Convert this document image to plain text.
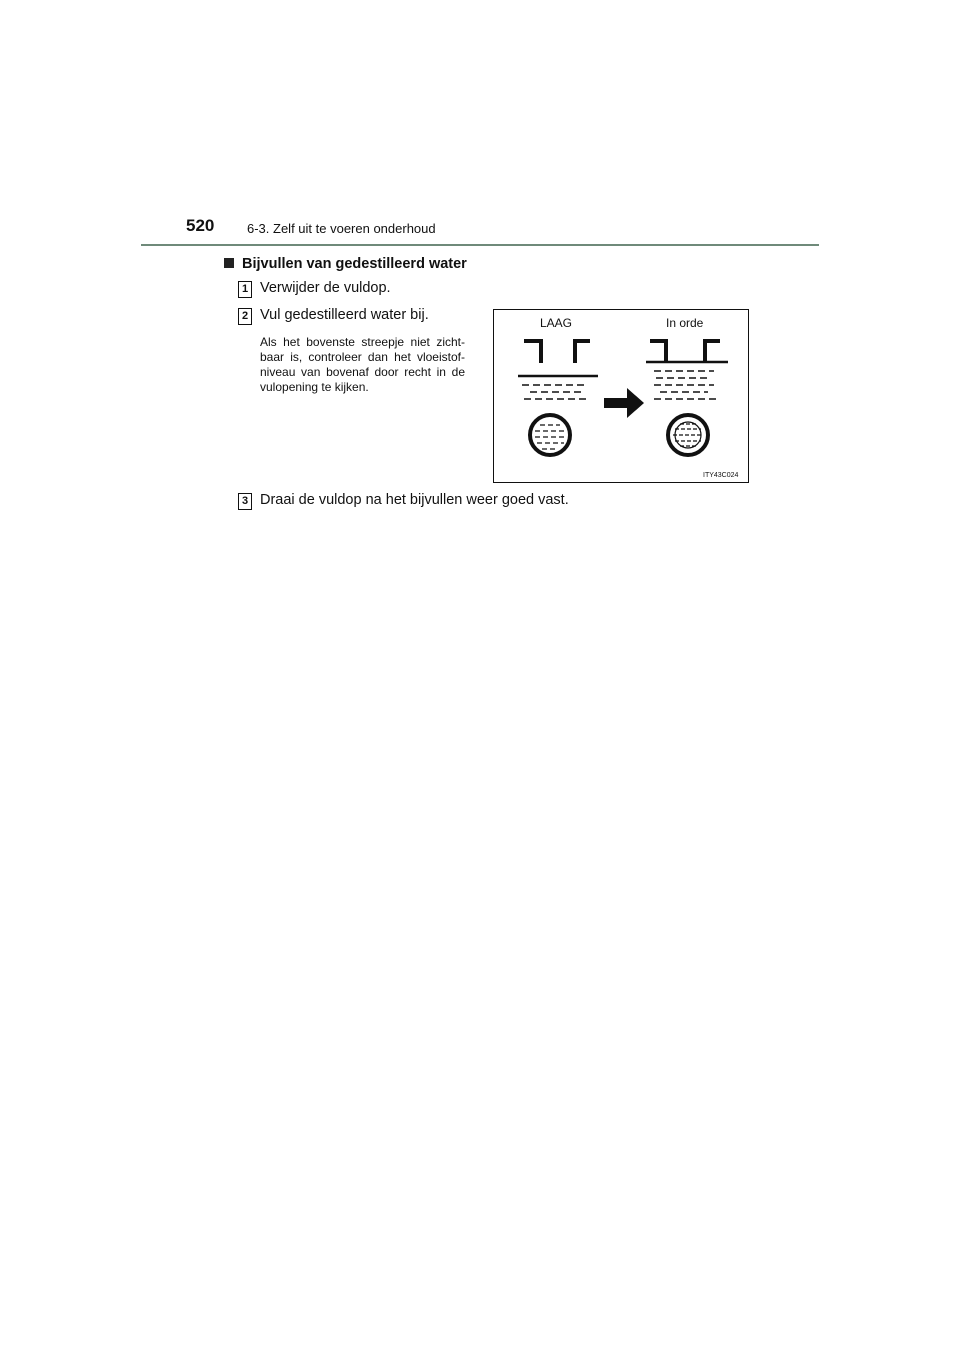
520	6-3. Zelf uit te voeren onderhoud
Bijvullen van gedestilleerd water
1 Verwijder de vuldop.
2 Vul gedestilleerd water bij.
Als het bovenste streepje niet zicht-baar is, controleer dan het vloeistof-niveau van bovenaf door recht in de vulopening te kijken.
LAAG	In orde
ITY43C024
3 Draai de vuldop na het bijvullen weer goed vast.
